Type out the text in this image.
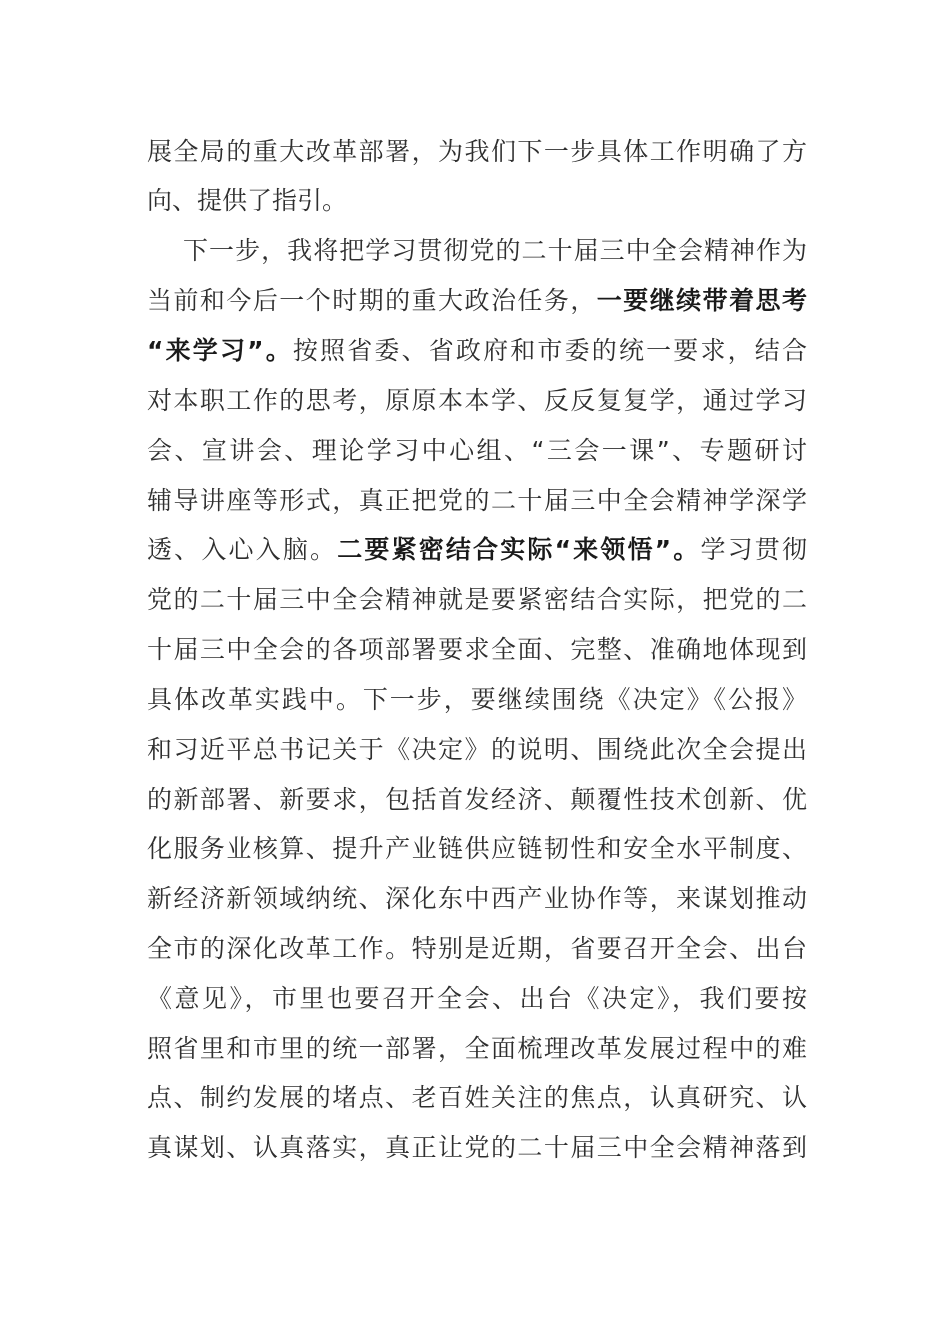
展全局的重大改革部署，为我们下一步具体工作明确了方
向、提供了指引。
下一步，我将把学习贯彻党的二十届三中全会精神作为
当前和今后一个时期的重大政治任务，一要继续带着思考
“来学习”。按照省委、省政府和市委的统一要求，结合
对本职工作的思考，原原本本学、反反复复学，通过学习
会、宣讲会、理论学习中心组、“三会一课”、专题研讨
辅导讲座等形式，真正把党的二十届三中全会精神学深学
透、入心入脑。二要紧密结合实际“来领悟”。学习贯彻
党的二十届三中全会精神就是要紧密结合实际，把党的二
十届三中全会的各项部署要求全面、完整、准确地体现到
具体改革实践中。下一步，要继续围绕《决定》《公报》
和习近平总书记关于《决定》的说明、围绕此次全会提出
的新部署、新要求，包括首发经济、颠覆性技术创新、优
化服务业核算、提升产业链供应链韧性和安全水平制度、
新经济新领域纳统、深化东中西产业协作等，来谋划推动
全市的深化改革工作。特别是近期，省要召开全会、出台
《意见》，市里也要召开全会、出台《决定》，我们要按
照省里和市里的统一部署，全面梳理改革发展过程中的难
点、制约发展的堵点、老百姓关注的焦点，认真研究、认
真谋划、认真落实，真正让党的二十届三中全会精神落到
